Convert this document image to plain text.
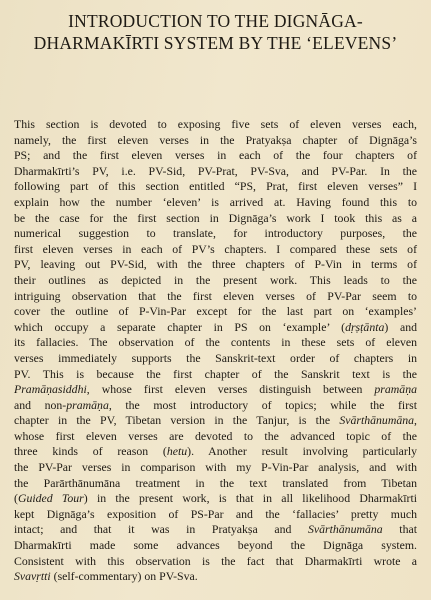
INTRODUCTION TO THE DIGNĀGA-
DHARMAKĪRTI SYSTEM BY THE ‘ELEVENS’

This section is devoted to exposing five sets of eleven verses each,
namely, the first eleven verses in the Pratyakṣa chapter of Dignāga’s
PS; and the first eleven verses in each of the four chapters of
Dharmakīrti’s PV, i.e. PV-Sid, PV-Prat, PV-Sva, and PV-Par. In the
following part of this section entitled “PS, Prat, first eleven verses” I
explain how the number ‘eleven’ is arrived at. Having found this to
be the case for the first section in Dignāga’s work I took this as a
numerical suggestion to translate, for introductory purposes, the
first eleven verses in each of PV’s chapters. I compared these sets of
PV, leaving out PV-Sid, with the three chapters of P-Vin in terms of
their outlines as depicted in the present work. This leads to the
intriguing observation that the first eleven verses of PV-Par seem to
cover the outline of P-Vin-Par except for the last part on ‘examples’
which occupy a separate chapter in PS on ‘example’ (dṛṣṭānta) and
its fallacies. The observation of the contents in these sets of eleven
verses immediately supports the Sanskrit-text order of chapters in
PV. This is because the first chapter of the Sanskrit text is the
Pramāṇasiddhi, whose first eleven verses distinguish between pramāṇa
and non-pramāṇa, the most introductory of topics; while the first
chapter in the PV, Tibetan version in the Tanjur, is the Svārthānumāna,
whose first eleven verses are devoted to the advanced topic of the
three kinds of reason (hetu). Another result involving particularly
the PV-Par verses in comparison with my P-Vin-Par analysis, and with
the Parārthānumāna treatment in the text translated from Tibetan
(Guided Tour) in the present work, is that in all likelihood Dharmakīrti
kept Dignāga’s exposition of PS-Par and the ‘fallacies’ pretty much
intact; and that it was in Pratyakṣa and Svārthānumāna that
Dharmakīrti made some advances beyond the Dignāga system.
Consistent with this observation is the fact that Dharmakīrti wrote a
Svavṛtti (self-commentary) on PV-Sva.
